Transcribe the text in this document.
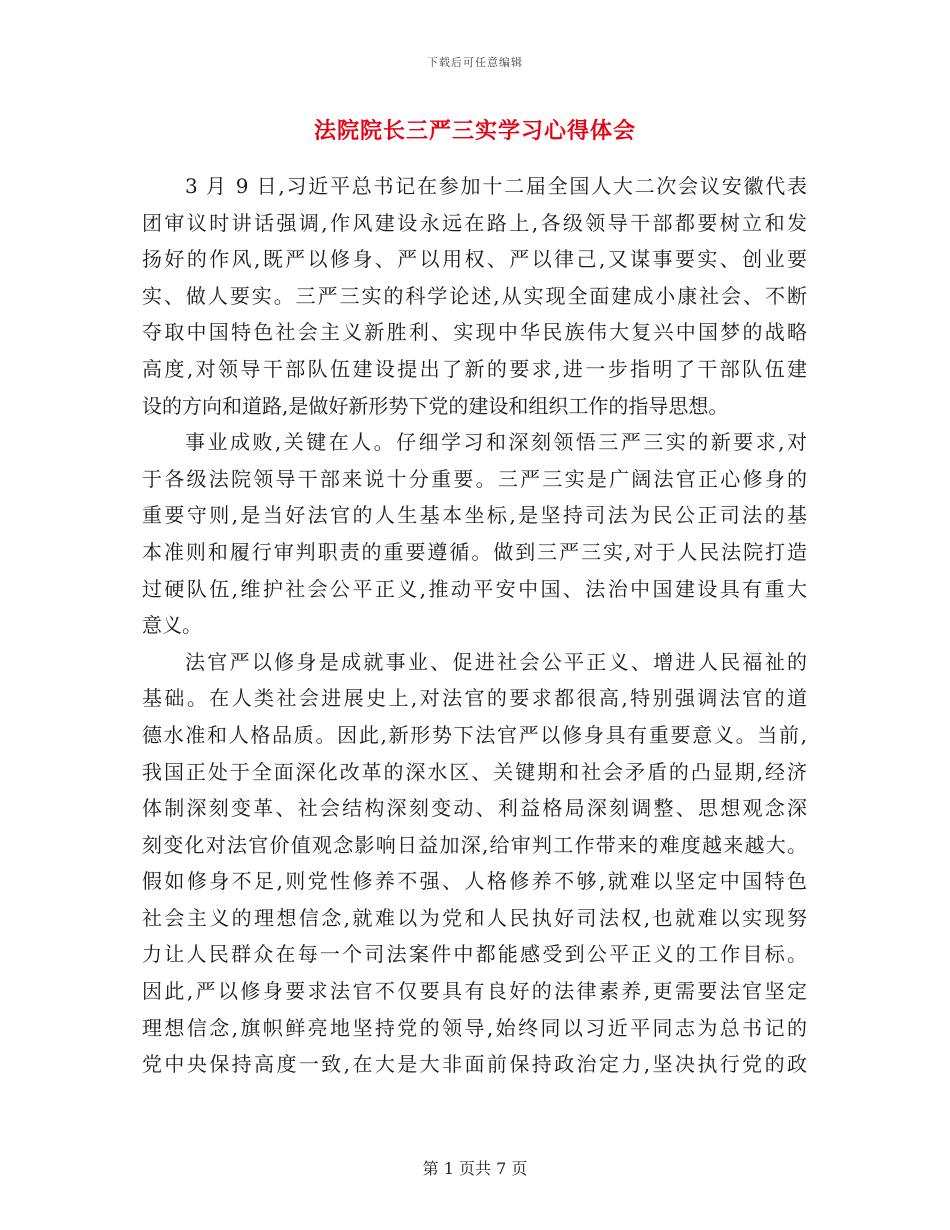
下载后可任意编辑
法院院长三严三实学习心得体会
3 月 9 日,习近平总书记在参加十二届全国人大二次会议安徽代表
团审议时讲话强调,作风建设永远在路上,各级领导干部都要树立和发
扬好的作风,既严以修身、严以用权、严以律己,又谋事要实、创业要
实、做人要实。三严三实的科学论述,从实现全面建成小康社会、不断
夺取中国特色社会主义新胜利、实现中华民族伟大复兴中国梦的战略
高度,对领导干部队伍建设提出了新的要求,进一步指明了干部队伍建
设的方向和道路,是做好新形势下党的建设和组织工作的指导思想。
事业成败,关键在人。仔细学习和深刻领悟三严三实的新要求,对
于各级法院领导干部来说十分重要。三严三实是广阔法官正心修身的
重要守则,是当好法官的人生基本坐标,是坚持司法为民公正司法的基
本准则和履行审判职责的重要遵循。做到三严三实,对于人民法院打造
过硬队伍,维护社会公平正义,推动平安中国、法治中国建设具有重大
意义。
法官严以修身是成就事业、促进社会公平正义、增进人民福祉的
基础。在人类社会进展史上,对法官的要求都很高,特别强调法官的道
德水准和人格品质。因此,新形势下法官严以修身具有重要意义。当前,
我国正处于全面深化改革的深水区、关键期和社会矛盾的凸显期,经济
体制深刻变革、社会结构深刻变动、利益格局深刻调整、思想观念深
刻变化对法官价值观念影响日益加深,给审判工作带来的难度越来越大。
假如修身不足,则党性修养不强、人格修养不够,就难以坚定中国特色
社会主义的理想信念,就难以为党和人民执好司法权,也就难以实现努
力让人民群众在每一个司法案件中都能感受到公平正义的工作目标。
因此,严以修身要求法官不仅要具有良好的法律素养,更需要法官坚定
理想信念,旗帜鲜亮地坚持党的领导,始终同以习近平同志为总书记的
党中央保持高度一致,在大是大非面前保持政治定力,坚决执行党的政
第 1 页共 7 页
